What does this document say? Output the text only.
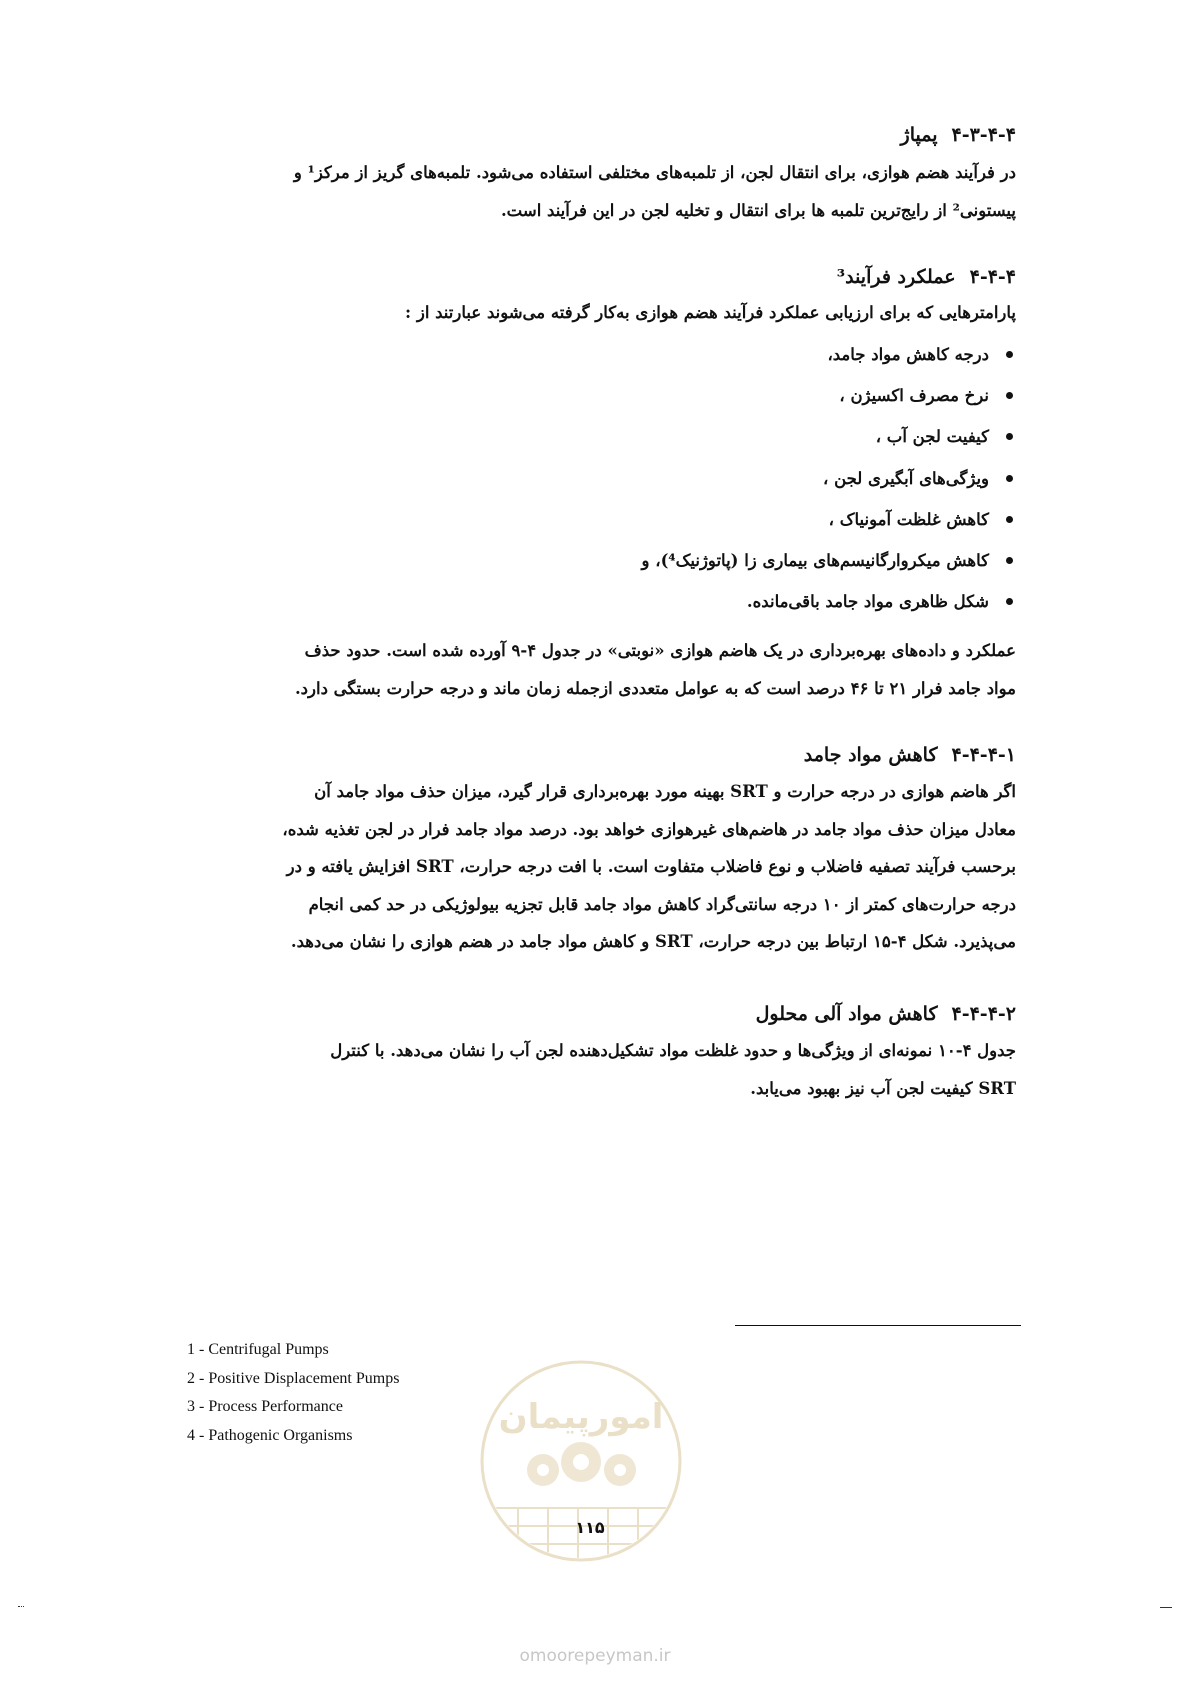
۴-۳-۴-۴پمپاژ
در فرآیند هضم هوازی، برای انتقال لجن، از تلمبه‌های مختلفی استفاده می‌شود. تلمبه‌های گریز از مرکز¹ و
پیستونی² از رایج‌ترین تلمبه ها برای انتقال و تخلیه لجن در این فرآیند است.
۴-۴-۴عملکرد فرآیند³
پارامترهایی که برای ارزیابی عملکرد فرآیند هضم هوازی به‌کار گرفته می‌شوند عبارتند از :
درجه کاهش مواد جامد،
نرخ مصرف اکسیژن ،
کیفیت لجن آب ،
ویژگی‌های آبگیری لجن ،
کاهش غلظت آمونیاک ،
کاهش میکروارگانیسم‌های بیماری زا (پاتوژنیک⁴)، و
شکل ظاهری مواد جامد باقی‌مانده.
عملکرد و داده‌های بهره‌برداری در یک هاضم هوازی «نوبتی» در جدول ۴-۹ آورده شده است. حدود حذف
مواد جامد فرار ۲۱ تا ۴۶ درصد است که به عوامل متعددی ازجمله زمان ماند و درجه حرارت بستگی دارد.
۴-۴-۴-۱کاهش مواد جامد
اگر هاضم هوازی در درجه حرارت و SRT بهینه مورد بهره‌برداری قرار گیرد، میزان حذف مواد جامد آن
معادل میزان حذف مواد جامد در هاضم‌های غیرهوازی خواهد بود. درصد مواد جامد فرار در لجن تغذیه شده،
برحسب فرآیند تصفیه فاضلاب و نوع فاضلاب متفاوت است. با افت درجه حرارت، SRT افزایش یافته و در
درجه حرارت‌های کمتر از ۱۰ درجه سانتی‌گراد کاهش مواد جامد قابل تجزیه بیولوژیکی در حد کمی انجام
می‌پذیرد. شکل ۴-۱۵ ارتباط بین درجه حرارت، SRT و کاهش مواد جامد در هضم هوازی را نشان می‌دهد.
۴-۴-۴-۲کاهش مواد آلی محلول
جدول ۴-۱۰ نمونه‌ای از ویژگی‌ها و حدود غلظت مواد تشکیل‌دهنده لجن آب را نشان می‌دهد. با کنترل
SRT کیفیت لجن آب نیز بهبود می‌یابد.
1 - Centrifugal Pumps
2 - Positive Displacement Pumps
3 - Process Performance
4 - Pathogenic Organisms	امورپیمان
۱۱۵
omoorepeyman.ir
